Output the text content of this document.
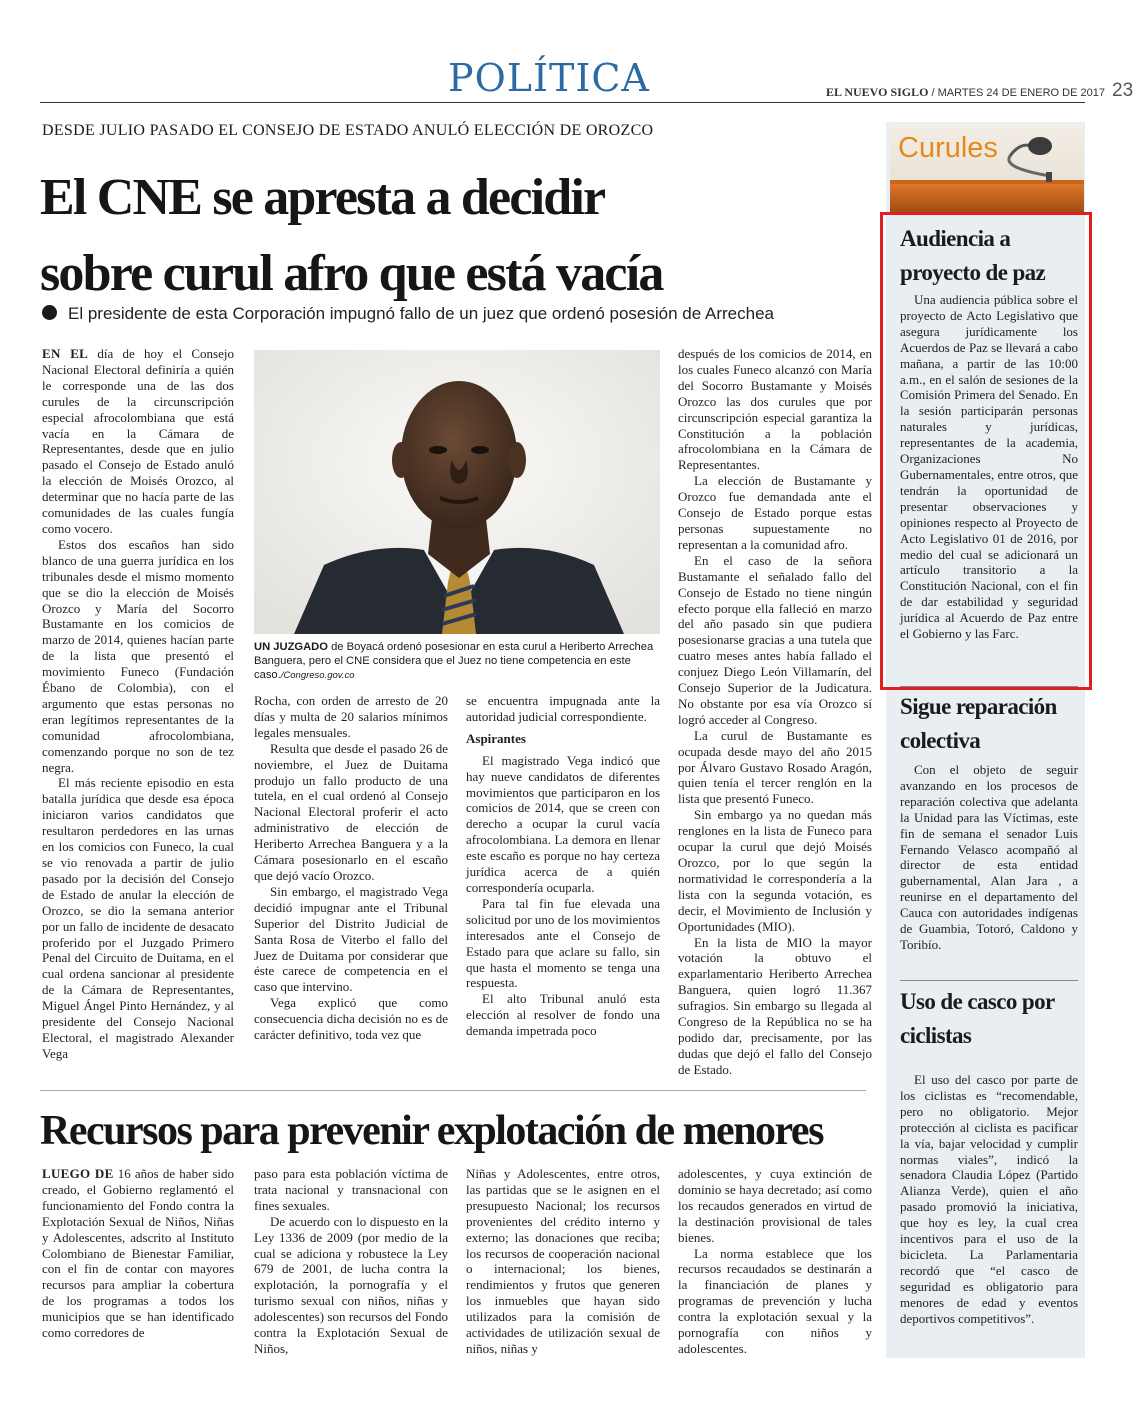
POLÍTICA	EL NUEVO SIGLO / MARTES 24 DE ENERO DE 2017 23
DESDE JULIO PASADO EL CONSEJO DE ESTADO ANULÓ ELECCIÓN DE OROZCO
El CNE se apresta a decidir
sobre curul afro que está vacía
El presidente de esta Corporación impugnó fallo de un juez que ordenó posesión de Arrechea

EN EL día de hoy el Consejo Nacional Electoral definiría a quién le corresponde una de las dos curules de la circunscripción especial afrocolombiana que está vacía en la Cámara de Representantes, desde que en julio pasado el Consejo de Estado anuló la elección de Moisés Orozco, al determinar que no hacía parte de las comunidades de las cuales fungía como vocero.

Estos dos escaños han sido blanco de una guerra jurídica en los tribunales desde el mismo momento que se dio la elección de Moisés Orozco y María del Socorro Bustamante en los comicios de marzo de 2014, quienes hacían parte de la lista que presentó el movimiento Funeco (Fundación Ébano de Colombia), con el argumento que estas personas no eran legítimos representantes de la comunidad afrocolombiana, comenzando porque no son de tez negra.

El más reciente episodio en esta batalla jurídica que desde esa época iniciaron varios candidatos que resultaron perdedores en las urnas en los comicios con Funeco, la cual se vio renovada a partir de julio pasado por la decisión del Consejo de Estado de anular la elección de Orozco, se dio la semana anterior por un fallo de incidente de desacato proferido por el Juzgado Primero Penal del Circuito de Duitama, en el cual ordena sancionar al presidente de la Cámara de Representantes, Miguel Ángel Pinto Hernández, y al presidente del Consejo Nacional Electoral, el magistrado Alexander Vega

UN JUZGADO de Boyacá ordenó posesionar en esta curul a Heriberto Arrechea Banguera, pero el CNE considera que el Juez no tiene competencia en este caso./Congreso.gov.co

Rocha, con orden de arresto de 20 días y multa de 20 salarios mínimos legales mensuales.

Resulta que desde el pasado 26 de noviembre, el Juez de Duitama produjo un fallo producto de una tutela, en el cual ordenó al Consejo Nacional Electoral proferir el acto administrativo de elección de Heriberto Arrechea Banguera y a la Cámara posesionarlo en el escaño que dejó vacío Orozco.

Sin embargo, el magistrado Vega decidió impugnar ante el Tribunal Superior del Distrito Judicial de Santa Rosa de Viterbo el fallo del Juez de Duitama por considerar que éste carece de competencia en el caso que intervino.

Vega explicó que como consecuencia dicha decisión no es de carácter definitivo, toda vez que

se encuentra impugnada ante la autoridad judicial correspondiente.

Aspirantes

El magistrado Vega indicó que hay nueve candidatos de diferentes movimientos que participaron en los comicios de 2014, que se creen con derecho a ocupar la curul vacía afrocolombiana. La demora en llenar este escaño es porque no hay certeza jurídica acerca de a quién correspondería ocuparla.

Para tal fin fue elevada una solicitud por uno de los movimientos interesados ante el Consejo de Estado para que aclare su fallo, sin que hasta el momento se tenga una respuesta.

El alto Tribunal anuló esta elección al resolver de fondo una demanda impetrada poco

después de los comicios de 2014, en los cuales Funeco alcanzó con María del Socorro Bustamante y Moisés Orozco las dos curules que por circunscripción especial garantiza la Constitución a la población afrocolombiana en la Cámara de Representantes.

La elección de Bustamante y Orozco fue demandada ante el Consejo de Estado porque estas personas supuestamente no representan a la comunidad afro.

En el caso de la señora Bustamante el señalado fallo del Consejo de Estado no tiene ningún efecto porque ella falleció en marzo del año pasado sin que pudiera posesionarse gracias a una tutela que cuatro meses antes había fallado el conjuez Diego León Villamarín, del Consejo Superior de la Judicatura. No obstante por esa vía Orozco sí logró acceder al Congreso.

La curul de Bustamante es ocupada desde mayo del año 2015 por Álvaro Gustavo Rosado Aragón, quien tenía el tercer renglón en la lista que presentó Funeco.

Sin embargo ya no quedan más renglones en la lista de Funeco para ocupar la curul que dejó Moisés Orozco, por lo que según la normatividad le correspondería a la lista con la segunda votación, es decir, el Movimiento de Inclusión y Oportunidades (MIO).

En la lista de MIO la mayor votación la obtuvo el exparlamentario Heriberto Arrechea Banguera, quien logró 11.367 sufragios. Sin embargo su llegada al Congreso de la República no se ha podido dar, precisamente, por las dudas que dejó el fallo del Consejo de Estado.

Recursos para prevenir explotación de menores

LUEGO DE 16 años de haber sido creado, el Gobierno reglamentó el funcionamiento del Fondo contra la Explotación Sexual de Niños, Niñas y Adolescentes, adscrito al Instituto Colombiano de Bienestar Familiar, con el fin de contar con mayores recursos para ampliar la cobertura de los programas a todos los municipios que se han identificado como corredores de

paso para esta población víctima de trata nacional y transnacional con fines sexuales.

De acuerdo con lo dispuesto en la Ley 1336 de 2009 (por medio de la cual se adiciona y robustece la Ley 679 de 2001, de lucha contra la explotación, la pornografía y el turismo sexual con niños, niñas y adolescentes) son recursos del Fondo contra la Explotación Sexual de Niños,

Niñas y Adolescentes, entre otros, las partidas que se le asignen en el presupuesto Nacional; los recursos provenientes del crédito interno y externo; las donaciones que reciba; los recursos de cooperación nacional o internacional; los bienes, rendimientos y frutos que generen los inmuebles que hayan sido utilizados para la comisión de actividades de utilización sexual de niños, niñas y

adolescentes, y cuya extinción de dominio se haya decretado; así como los recaudos generados en virtud de la destinación provisional de tales bienes.

La norma establece que los recursos recaudados se destinarán a la financiación de planes y programas de prevención y lucha contra la explotación sexual y la pornografía con niños y adolescentes.

Curules
Audiencia a proyecto de paz
Una audiencia pública sobre el proyecto de Acto Legislativo que asegura jurídicamente los Acuerdos de Paz se llevará a cabo mañana, a partir de las 10:00 a.m., en el salón de sesiones de la Comisión Primera del Senado. En la sesión participarán personas naturales y jurídicas, representantes de la academia, Organizaciones No Gubernamentales, entre otros, que tendrán la oportunidad de presentar observaciones y opiniones respecto al Proyecto de Acto Legislativo 01 de 2016, por medio del cual se adicionará un artículo transitorio a la Constitución Nacional, con el fin de dar estabilidad y seguridad jurídica al Acuerdo de Paz entre el Gobierno y las Farc.
Sigue reparación colectiva
Con el objeto de seguir avanzando en los procesos de reparación colectiva que adelanta la Unidad para las Víctimas, este fin de semana el senador Luis Fernando Velasco acompañó al director de esta entidad gubernamental, Alan Jara , a reunirse en el departamento del Cauca con autoridades indígenas de Guambia, Totoró, Caldono y Toribío.
Uso de casco por ciclistas
El uso del casco por parte de los ciclistas es “recomendable, pero no obligatorio. Mejor protección al ciclista es pacificar la vía, bajar velocidad y cumplir normas viales”, indicó la senadora Claudia López (Partido Alianza Verde), quien el año pasado promovió la iniciativa, que hoy es ley, la cual crea incentivos para el uso de la bicicleta. La Parlamentaria recordó que “el casco de seguridad es obligatorio para menores de edad y eventos deportivos competitivos”.
